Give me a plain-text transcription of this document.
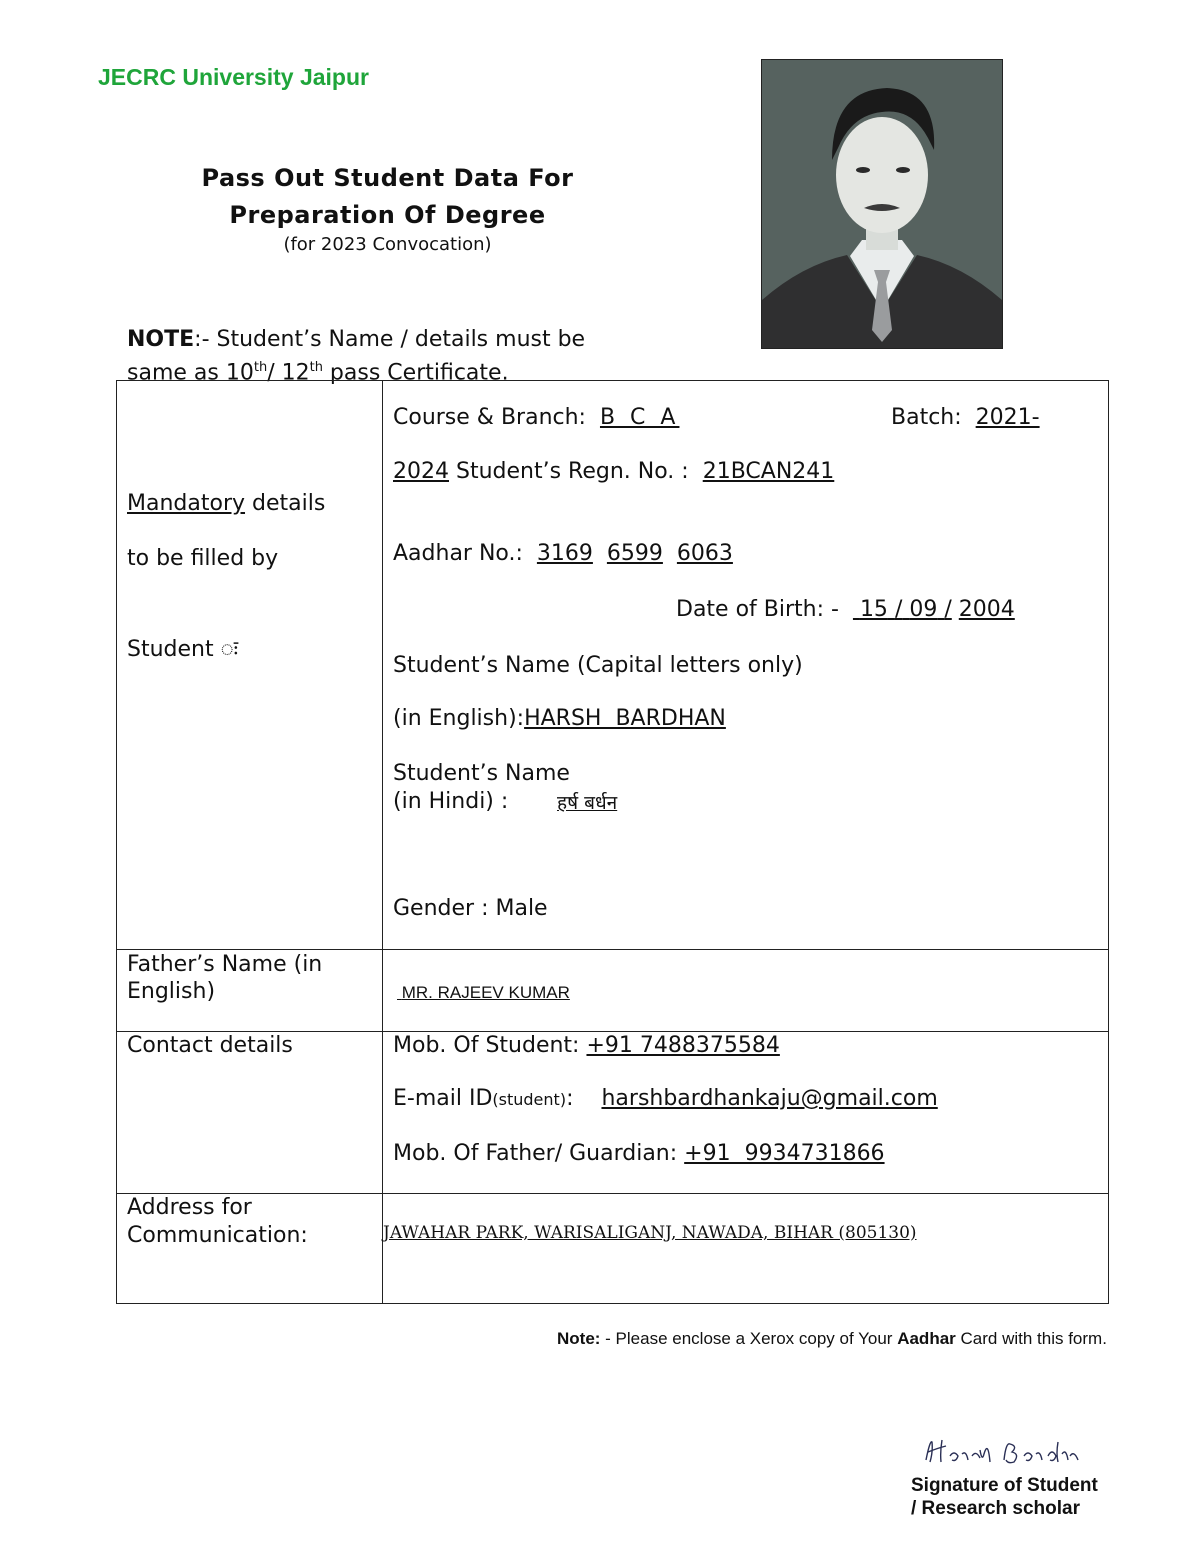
JECRC University Jaipur
Pass Out Student Data For
Preparation Of Degree
(for 2023 Convocation)
NOTE:- Student’s Name / details must be
same as 10th/ 12th pass Certificate.
Mandatory details
to be filled by
Student ः
Course & Branch: B C A	Batch: 2021-
2024 Student’s Regn. No. : 21BCAN241
Aadhar No.: 3169 6599 6063
Date of Birth: - 15 / 09 / 2004
Student’s Name (Capital letters only)
(in English):HARSH  BARDHAN
Student’s Name
(in Hindi) :	हर्ष बर्धन
Gender : Male
Father’s Name (in
English)	MR. RAJEEV KUMAR
Contact details	Mob. Of Student: +91 7488375584
E-mail ID(student): harshbardhankaju@gmail.com
Mob. Of Father/ Guardian: +91  9934731866
Address for
Communication:	JAWAHAR PARK, WARISALIGANJ, NAWADA, BIHAR (805130)
Note: - Please enclose a Xerox copy of Your Aadhar Card with this form.
Signature of Student
/ Research scholar
